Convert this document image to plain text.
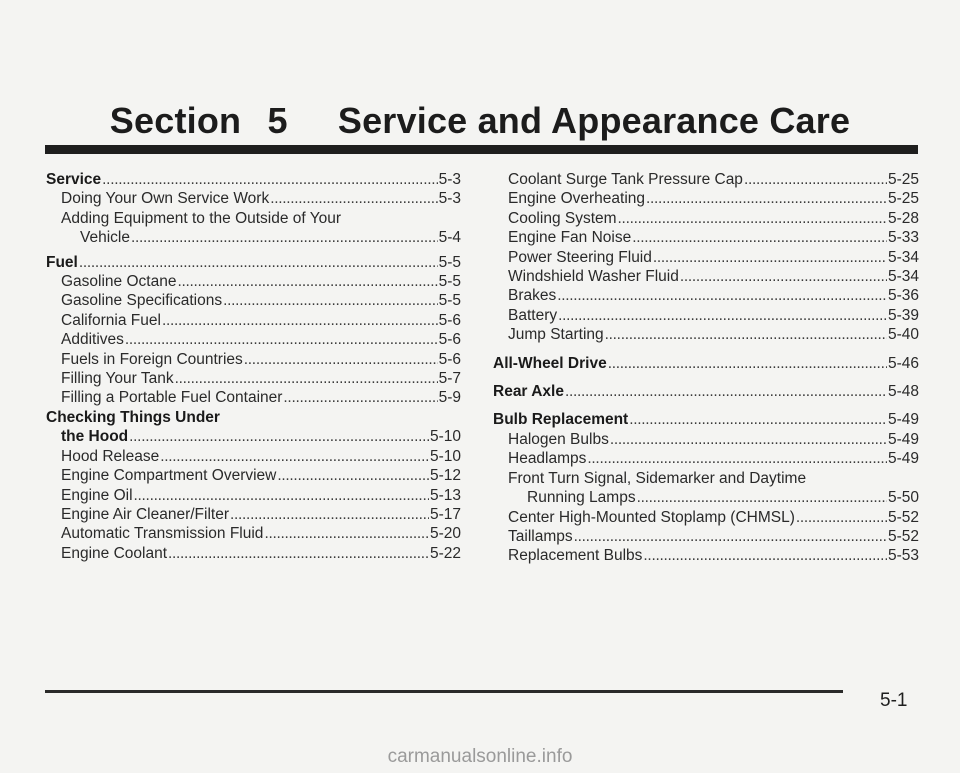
Section 5 Service and Appearance Care
Service . . .	5-3
Doing Your Own Service Work . . .	5-3
Adding Equipment to the Outside of Your
Vehicle . . .	5-4
Fuel . . .	5-5
Gasoline Octane . . .	5-5
Gasoline Specifications . . .	5-5
California Fuel . . .	5-6
Additives . . .	5-6
Fuels in Foreign Countries . . .	5-6
Filling Your Tank . . .	5-7
Filling a Portable Fuel Container . . .	5-9
Checking Things Under
the Hood . . .	5-10
Hood Release . . .	5-10
Engine Compartment Overview . . .	5-12
Engine Oil . . .	5-13
Engine Air Cleaner/Filter . . .	5-17
Automatic Transmission Fluid . . .	5-20
Engine Coolant . . .	5-22
Coolant Surge Tank Pressure Cap . . .	5-25
Engine Overheating . . .	5-25
Cooling System . . .	5-28
Engine Fan Noise . . .	5-33
Power Steering Fluid . . .	5-34
Windshield Washer Fluid . . .	5-34
Brakes . . .	5-36
Battery . . .	5-39
Jump Starting . . .	5-40
All-Wheel Drive . . .	5-46
Rear Axle . . .	5-48
Bulb Replacement . . .	5-49
Halogen Bulbs . . .	5-49
Headlamps . . .	5-49
Front Turn Signal, Sidemarker and Daytime
Running Lamps . . .	5-50
Center High-Mounted Stoplamp (CHMSL) . . .	5-52
Taillamps . . .	5-52
Replacement Bulbs . . .	5-53
5-1
carmanualsonline.info
